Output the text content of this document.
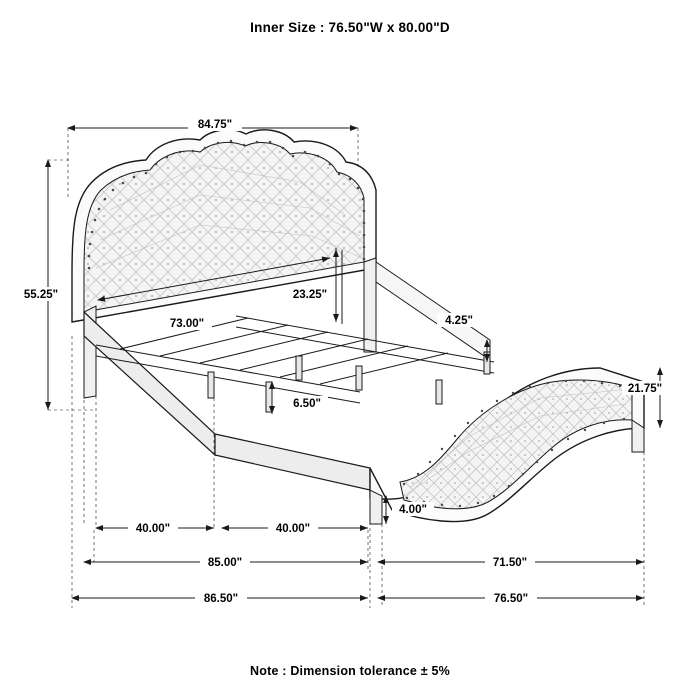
Inner Size : 76.50"W x 80.00"D
84.75"
55.25"
73.00"
23.25"
4.25"
6.50"
21.75"
4.00"
40.00"	40.00"
85.00"	71.50"
86.50"	76.50"
Note : Dimension tolerance ± 5%
